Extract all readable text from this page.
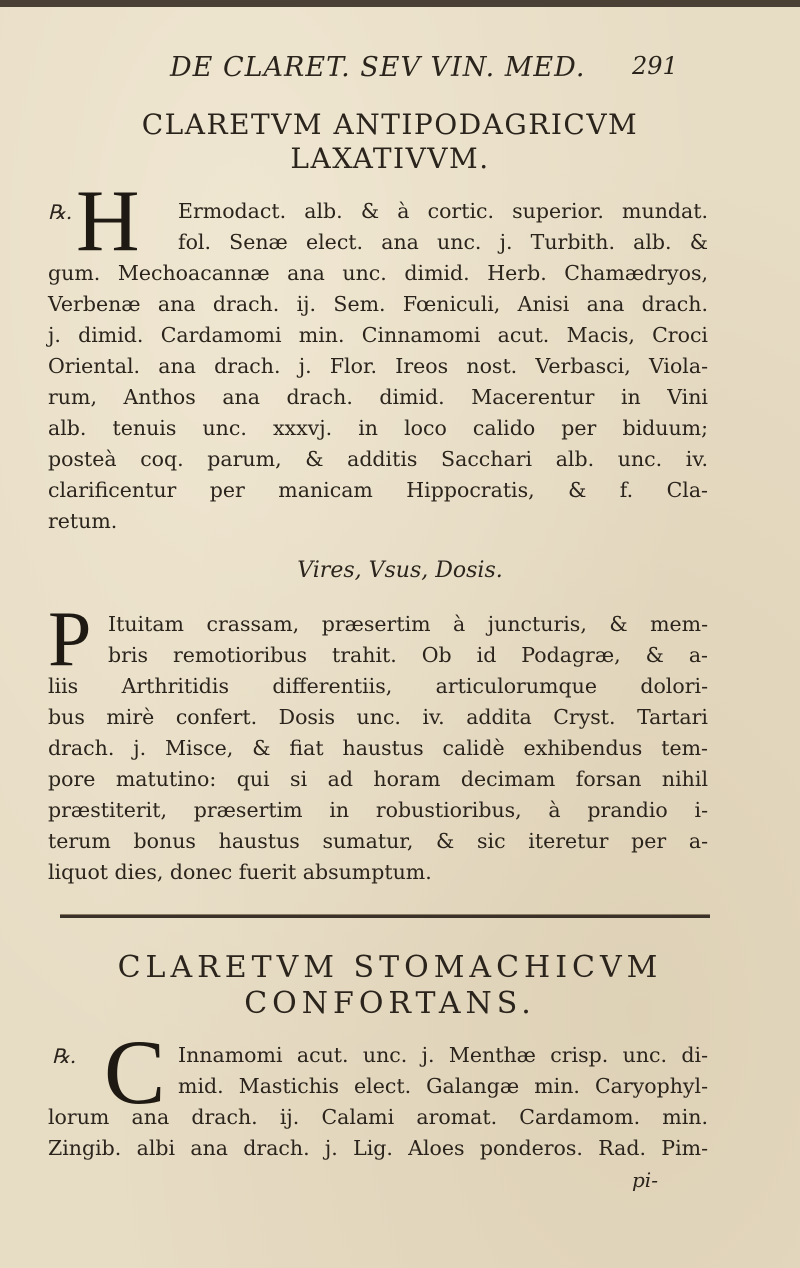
DE CLARET. SEV VIN. MED. 291
CLARETVM ANTIPODAGRICVM
LAXATIVVM.
℞. H	Ermodact. alb. & à cortic. superior. mundat.
fol. Senæ elect. ana unc. j. Turbith. alb. &
gum. Mechoacannæ ana unc. dimid. Herb. Chamædryos,
Verbenæ ana drach. ij. Sem. Fœniculi, Anisi ana drach.
j. dimid. Cardamomi min. Cinnamomi acut. Macis, Croci
Oriental. ana drach. j. Flor. Ireos nost. Verbasci, Viola-
rum, Anthos ana drach. dimid. Macerentur in Vini
alb. tenuis unc. xxxvj. in loco calido per biduum;
posteà coq. parum, & additis Sacchari alb. unc. iv.
clarificentur per manicam Hippocratis, & f. Cla-
retum.
Vires, Vsus, Dosis.
P Ituitam crassam, præsertim à juncturis, & mem-
bris remotioribus trahit. Ob id Podagræ, & a-
liis Arthritidis differentiis, articulorumque dolori-
bus mirè confert. Dosis unc. iv. addita Cryst. Tartari
drach. j. Misce, & fiat haustus calidè exhibendus tem-
pore matutino: qui si ad horam decimam forsan nihil
præstiterit, præsertim in robustioribus, à prandio i-
terum bonus haustus sumatur, & sic iteretur per a-
liquot dies, donec fuerit absumptum.
CLARETVM STOMACHICVM
CONFORTANS.
℞. C Innamomi acut. unc. j. Menthæ crisp. unc. di-
mid. Mastichis elect. Galangæ min. Caryophyl-
lorum ana drach. ij. Calami aromat. Cardamom. min.
Zingib. albi ana drach. j. Lig. Aloes ponderos. Rad. Pim-
pi-
